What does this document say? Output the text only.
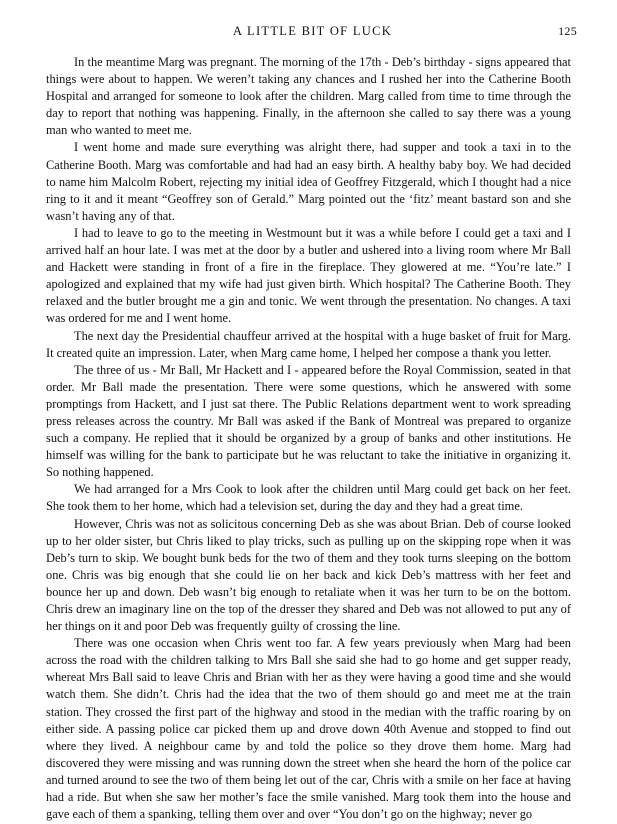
A LITTLE BIT OF LUCK	125

In the meantime Marg was pregnant. The morning of the 17th - Deb’s birthday - signs appeared that things were about to happen. We weren’t taking any chances and I rushed her into the Catherine Booth Hospital and arranged for someone to look after the children. Marg called from time to time through the day to report that nothing was happening. Finally, in the afternoon she called to say there was a young man who wanted to meet me.

I went home and made sure everything was alright there, had supper and took a taxi in to the Catherine Booth. Marg was comfortable and had had an easy birth. A healthy baby boy. We had decided to name him Malcolm Robert, rejecting my initial idea of Geoffrey Fitzgerald, which I thought had a nice ring to it and it meant “Geoffrey son of Gerald.” Marg pointed out the ‘fitz’ meant bastard son and she wasn’t having any of that.

I had to leave to go to the meeting in Westmount but it was a while before I could get a taxi and I arrived half an hour late. I was met at the door by a butler and ushered into a living room where Mr Ball and Hackett were standing in front of a fire in the fireplace. They glowered at me. “You’re late.” I apologized and explained that my wife had just given birth. Which hospital? The Catherine Booth. They relaxed and the butler brought me a gin and tonic. We went through the presentation. No changes. A taxi was ordered for me and I went home.

The next day the Presidential chauffeur arrived at the hospital with a huge basket of fruit for Marg. It created quite an impression. Later, when Marg came home, I helped her compose a thank you letter.

The three of us - Mr Ball, Mr Hackett and I - appeared before the Royal Commission, seated in that order. Mr Ball made the presentation. There were some questions, which he answered with some promptings from Hackett, and I just sat there. The Public Relations department went to work spreading press releases across the country. Mr Ball was asked if the Bank of Montreal was prepared to organize such a company. He replied that it should be organized by a group of banks and other institutions. He himself was willing for the bank to participate but he was reluctant to take the initiative in organizing it. So nothing happened.

We had arranged for a Mrs Cook to look after the children until Marg could get back on her feet. She took them to her home, which had a television set, during the day and they had a great time.

However, Chris was not as solicitous concerning Deb as she was about Brian. Deb of course looked up to her older sister, but Chris liked to play tricks, such as pulling up on the skipping rope when it was Deb’s turn to skip. We bought bunk beds for the two of them and they took turns sleeping on the bottom one. Chris was big enough that she could lie on her back and kick Deb’s mattress with her feet and bounce her up and down. Deb wasn’t big enough to retaliate when it was her turn to be on the bottom. Chris drew an imaginary line on the top of the dresser they shared and Deb was not allowed to put any of her things on it and poor Deb was frequently guilty of crossing the line.

There was one occasion when Chris went too far. A few years previously when Marg had been across the road with the children talking to Mrs Ball she said she had to go home and get supper ready, whereat Mrs Ball said to leave Chris and Brian with her as they were having a good time and she would watch them. She didn’t. Chris had the idea that the two of them should go and meet me at the train station. They crossed the first part of the highway and stood in the median with the traffic roaring by on either side. A passing police car picked them up and drove down 40th Avenue and stopped to find out where they lived. A neighbour came by and told the police so they drove them home. Marg had discovered they were missing and was running down the street when she heard the horn of the police car and turned around to see the two of them being let out of the car, Chris with a smile on her face at having had a ride. But when she saw her mother’s face the smile vanished. Marg took them into the house and gave each of them a spanking, telling them over and over “You don’t go on the highway; never go
